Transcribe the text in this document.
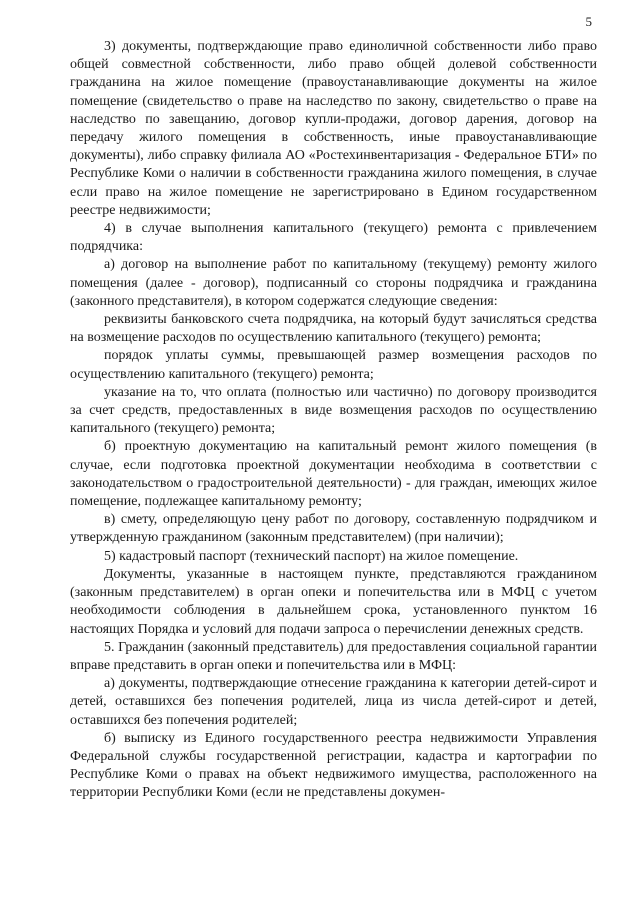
5

3) документы, подтверждающие право единоличной собственности либо право общей совместной собственности, либо право общей долевой собственности гражданина на жилое помещение (правоустанавливающие документы на жилое помещение (свидетельство о праве на наследство по закону, свидетельство о праве на наследство по завещанию, договор купли-продажи, договор дарения, договор на передачу жилого помещения в собственность, иные правоустанавливающие документы), либо справку филиала АО «Ростехинвентаризация - Федеральное БТИ» по Республике Коми о наличии в собственности гражданина жилого помещения, в случае если право на жилое помещение не зарегистрировано в Едином государственном реестре недвижимости;

4) в случае выполнения капитального (текущего) ремонта с привлечением подрядчика:

а) договор на выполнение работ по капитальному (текущему) ремонту жилого помещения (далее - договор), подписанный со стороны подрядчика и гражданина (законного представителя), в котором содержатся следующие сведения:

реквизиты банковского счета подрядчика, на который будут зачисляться средства на возмещение расходов по осуществлению капитального (текущего) ремонта;

порядок уплаты суммы, превышающей размер возмещения расходов по осуществлению капитального (текущего) ремонта;

указание на то, что оплата (полностью или частично) по договору производится за счет средств, предоставленных в виде возмещения расходов по осуществлению капитального (текущего) ремонта;

б) проектную документацию на капитальный ремонт жилого помещения (в случае, если подготовка проектной документации необходима в соответствии с законодательством о градостроительной деятельности) - для граждан, имеющих жилое помещение, подлежащее капитальному ремонту;

в) смету, определяющую цену работ по договору, составленную подрядчиком и утвержденную гражданином (законным представителем) (при наличии);

5) кадастровый паспорт (технический паспорт) на жилое помещение.

Документы, указанные в настоящем пункте, представляются гражданином (законным представителем) в орган опеки и попечительства или в МФЦ с учетом необходимости соблюдения в дальнейшем срока, установленного пунктом 16 настоящих Порядка и условий для подачи запроса о перечислении денежных средств.

5. Гражданин (законный представитель) для предоставления социальной гарантии вправе представить в орган опеки и попечительства или в МФЦ:

а) документы, подтверждающие отнесение гражданина к категории детей-сирот и детей, оставшихся без попечения родителей, лица из числа детей-сирот и детей, оставшихся без попечения родителей;

б) выписку из Единого государственного реестра недвижимости Управления Федеральной службы государственной регистрации, кадастра и картографии по Республике Коми о правах на объект недвижимого имущества, расположенного на территории Республики Коми (если не представлены докумен-
